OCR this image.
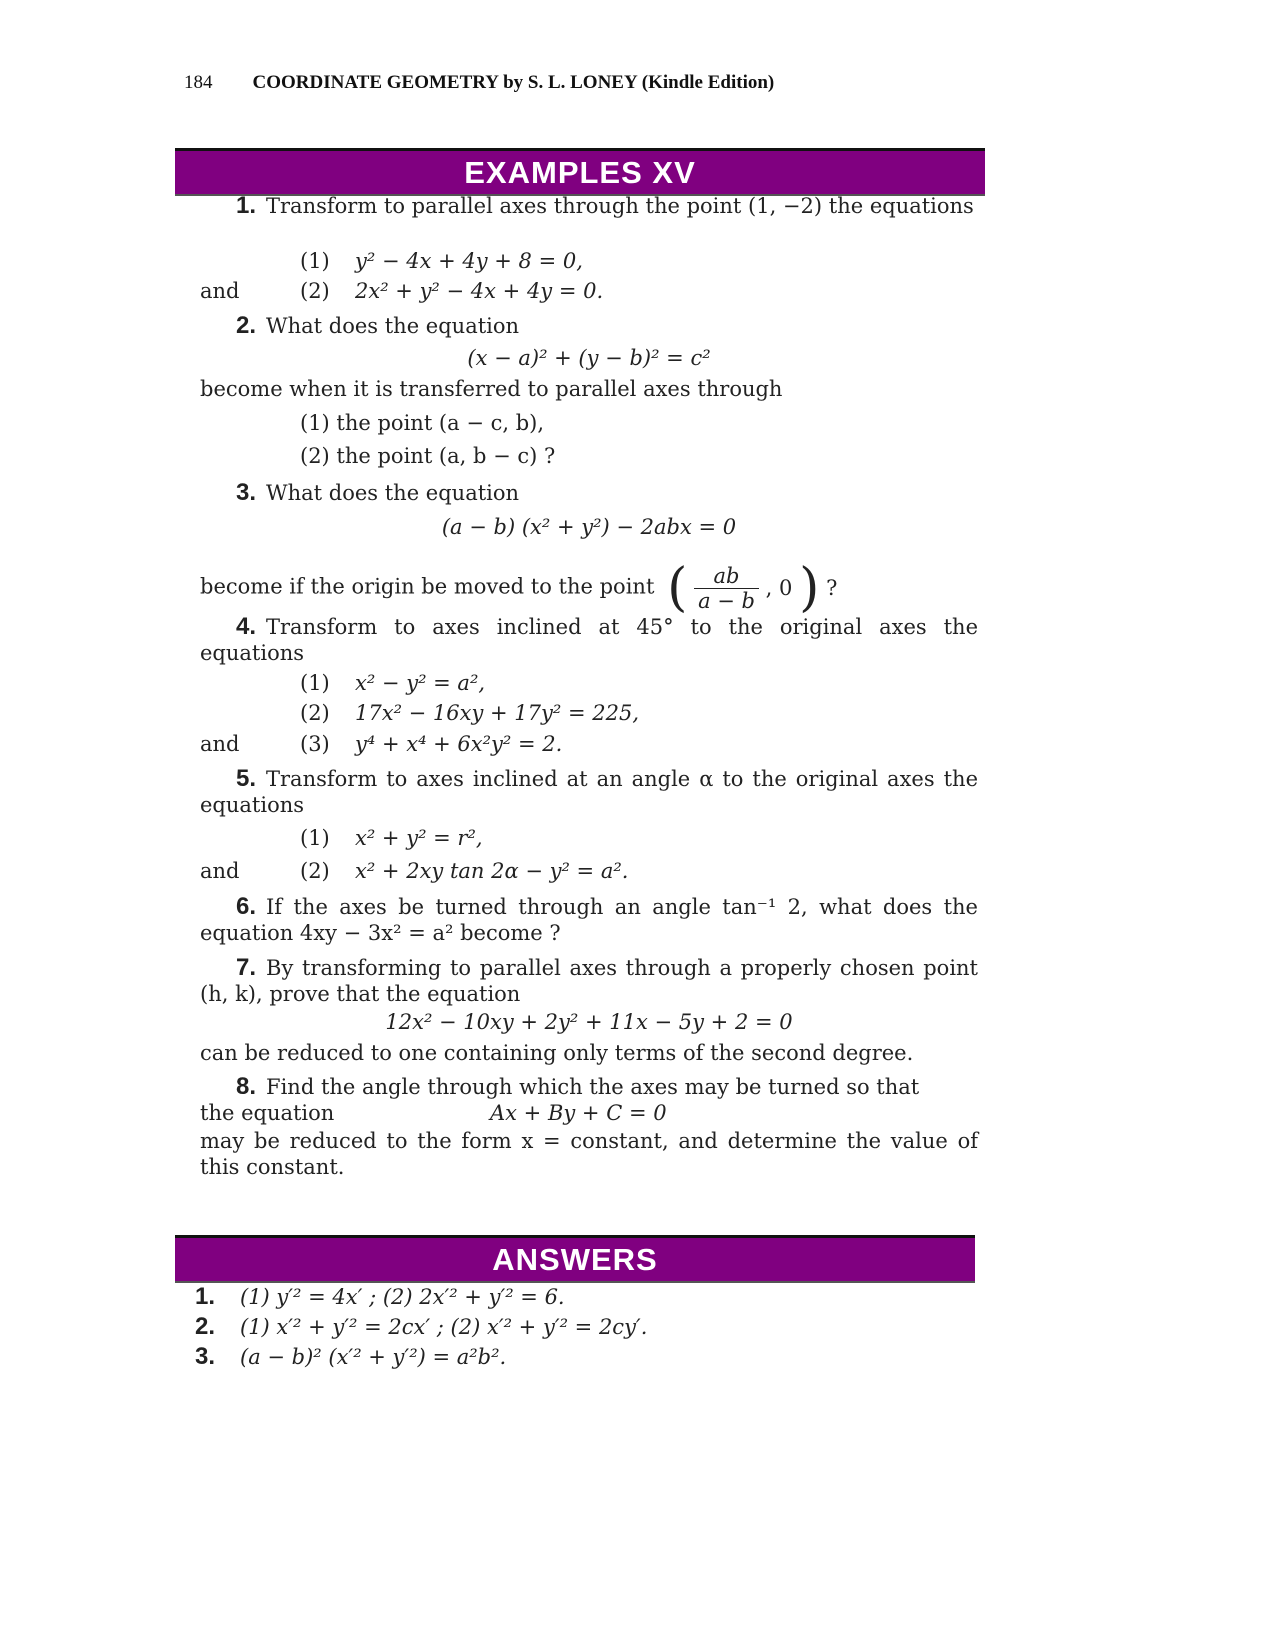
184 COORDINATE GEOMETRY by S. L. LONEY (Kindle Edition)
EXAMPLES XV
1. Transform to parallel axes through the point (1, −2) the equations
(1) y² − 4x + 4y + 8 = 0,
and	(2) 2x² + y² − 4x + 4y = 0.
2. What does the equation
(x − a)² + (y − b)² = c²
become when it is transferred to parallel axes through
(1) the point (a − c, b),
(2) the point (a, b − c) ?
3. What does the equation
(a − b) (x² + y²) − 2abx = 0
become if the origin be moved to the point ( $\frac{ab}{a - b}$ , 0 ) ?
4. Transform to axes inclined at 45° to the original axes the equations
(1) x² − y² = a²,
(2) 17x² − 16xy + 17y² = 225,
and	(3) y⁴ + x⁴ + 6x²y² = 2.
5. Transform to axes inclined at an angle α to the original axes the equations
(1) x² + y² = r²,
and	(2) x² + 2xy tan 2α − y² = a².
6. If the axes be turned through an angle tan⁻¹ 2, what does the equation 4xy − 3x² = a² become ?
7. By transforming to parallel axes through a properly chosen point (h, k), prove that the equation
12x² − 10xy + 2y² + 11x − 5y + 2 = 0
can be reduced to one containing only terms of the second degree.
8. Find the angle through which the axes may be turned so that
the equation	Ax + By + C = 0
may be reduced to the form x = constant, and determine the value of this constant.
ANSWERS
1. (1) y′² = 4x′ ; (2) 2x′² + y′² = 6.
2. (1) x′² + y′² = 2cx′ ; (2) x′² + y′² = 2cy′.
3. (a − b)² (x′² + y′²) = a²b².
